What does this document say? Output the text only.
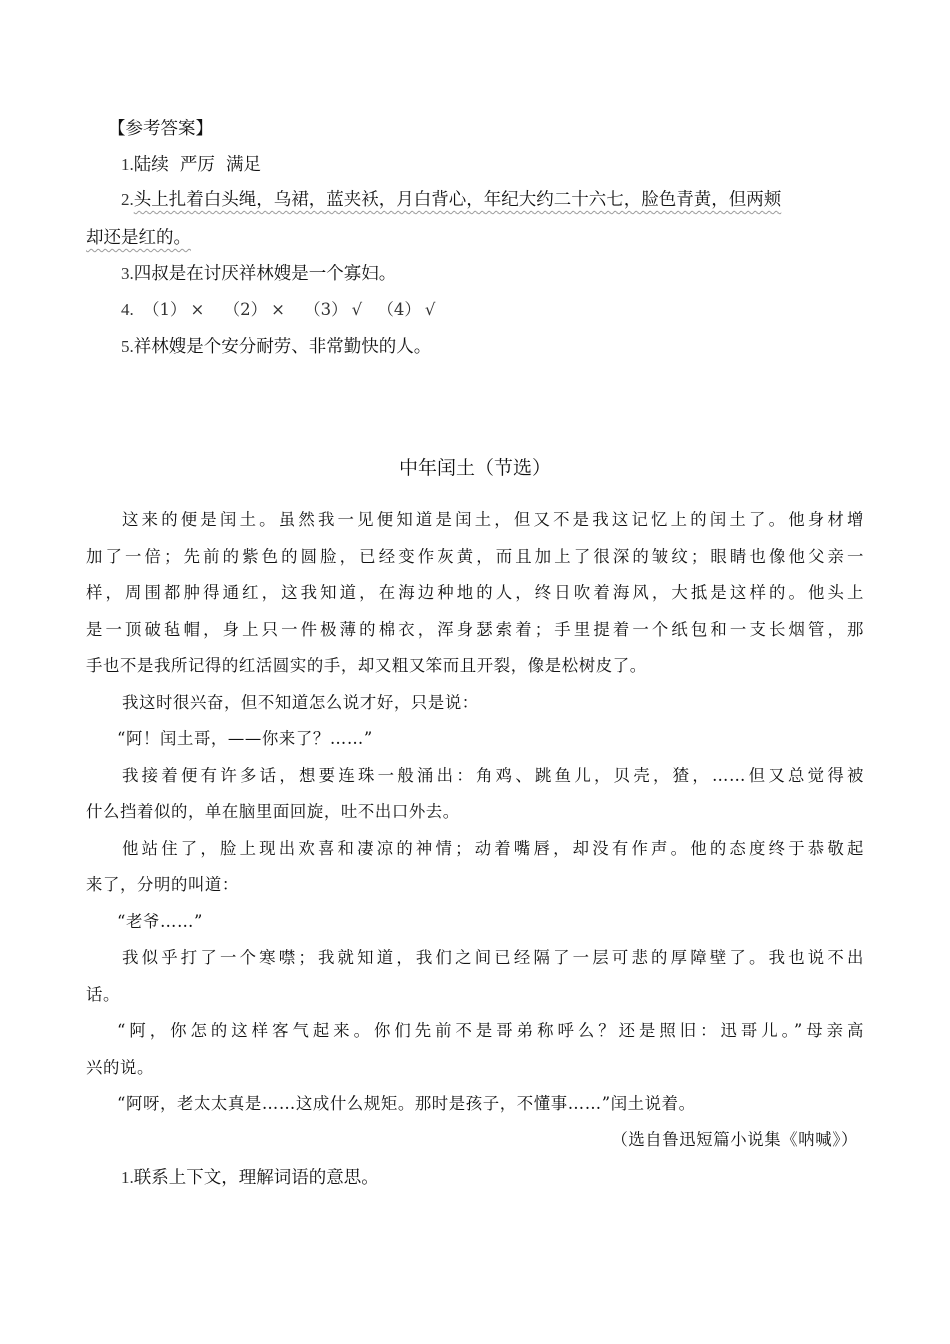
【参考答案】
1.陆续  严厉  满足
2.头上扎着白头绳，乌裙，蓝夹袄，月白背心，年纪大约二十六七，脸色青黄，但两颊
却还是红的。
3.四叔是在讨厌祥林嫂是一个寡妇。
4. （1） × （2） × （3） √ （4） √
5.祥林嫂是个安分耐劳、非常勤快的人。
中年闰土（节选）
这来的便是闰土。虽然我一见便知道是闰土，但又不是我这记忆上的闰土了。他身材增
加了一倍；先前的紫色的圆脸，已经变作灰黄，而且加上了很深的皱纹；眼睛也像他父亲一
样，周围都肿得通红，这我知道，在海边种地的人，终日吹着海风，大抵是这样的。他头上
是一顶破毡帽，身上只一件极薄的棉衣，浑身瑟索着；手里提着一个纸包和一支长烟管，那
手也不是我所记得的红活圆实的手，却又粗又笨而且开裂，像是松树皮了。
我这时很兴奋，但不知道怎么说才好，只是说：
“阿！闰土哥，——你来了？……”
我接着便有许多话，想要连珠一般涌出：角鸡、跳鱼儿，贝壳，猹，……但又总觉得被
什么挡着似的，单在脑里面回旋，吐不出口外去。
他站住了，脸上现出欢喜和凄凉的神情；动着嘴唇，却没有作声。他的态度终于恭敬起
来了，分明的叫道：
“老爷……”
我似乎打了一个寒噤；我就知道，我们之间已经隔了一层可悲的厚障壁了。我也说不出
话。
“阿，你怎的这样客气起来。你们先前不是哥弟称呼么？还是照旧：迅哥儿。”母亲高
兴的说。
“阿呀，老太太真是……这成什么规矩。那时是孩子，不懂事……”闰土说着。
（选自鲁迅短篇小说集《呐喊》）
1.联系上下文，理解词语的意思。
